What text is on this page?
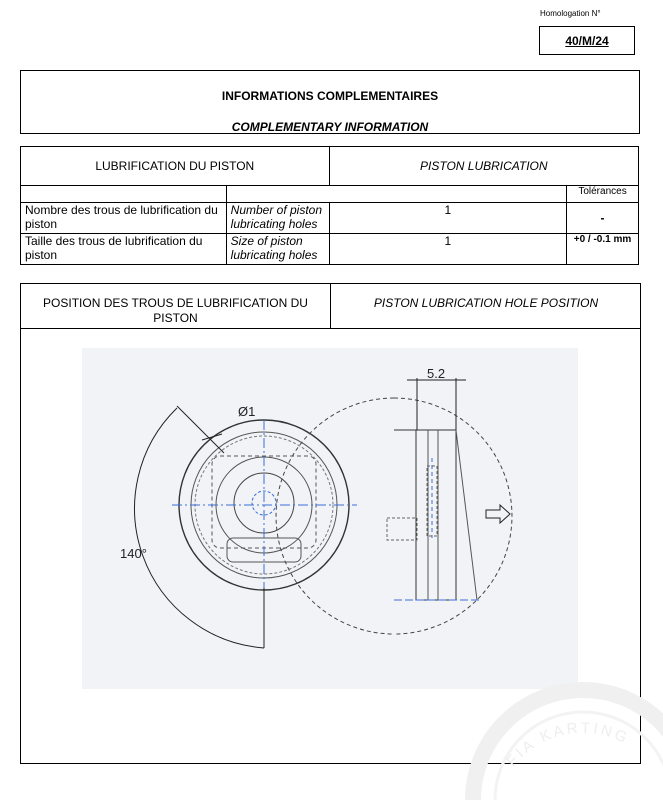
Homologation N°
40/M/24
INFORMATIONS COMPLEMENTAIRES
COMPLEMENTARY INFORMATION
LUBRIFICATION DU PISTON		PISTON LUBRICATION	
			Tolérances
Nombre des trous de lubrification du piston	Number of piston lubricating holes	1	-
Taille des trous de lubrification du piston	Size of piston lubricating holes	1	+0 / -0.1 mm
POSITION DES TROUS DE LUBRIFICATION DU PISTON
PISTON LUBRICATION HOLE POSITION
Ø1
140°
5.2
FIA KARTING
